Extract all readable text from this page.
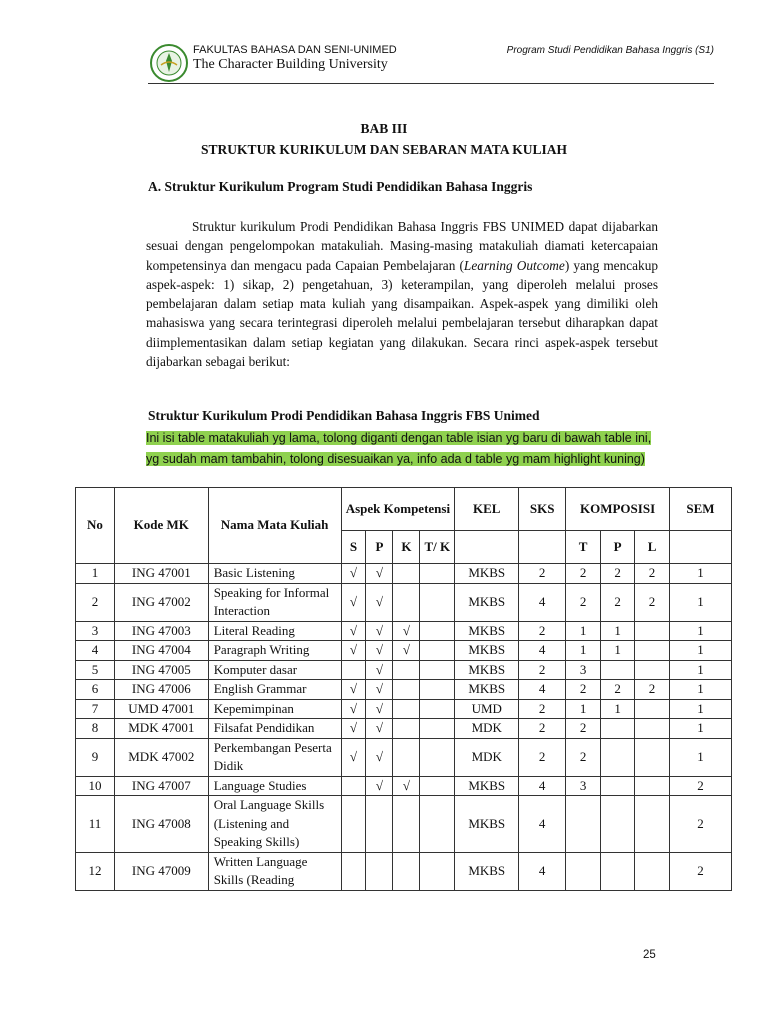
FAKULTAS BAHASA DAN SENI-UNIMED
The Character Building University
Program Studi Pendidikan Bahasa Inggris (S1)
BAB III
STRUKTUR KURIKULUM DAN SEBARAN MATA KULIAH
A. Struktur Kurikulum Program Studi Pendidikan Bahasa Inggris
Struktur kurikulum Prodi Pendidikan Bahasa Inggris FBS UNIMED dapat dijabarkan sesuai dengan pengelompokan matakuliah. Masing-masing matakuliah diamati ketercapaian kompetensinya dan mengacu pada Capaian Pembelajaran (Learning Outcome) yang mencakup aspek-aspek: 1) sikap, 2) pengetahuan, 3) keterampilan, yang diperoleh melalui proses pembelajaran dalam setiap mata kuliah yang disampaikan. Aspek-aspek yang dimiliki oleh mahasiswa yang secara terintegrasi diperoleh melalui pembelajaran tersebut diharapkan dapat diimplementasikan dalam setiap kegiatan yang dilakukan. Secara rinci aspek-aspek tersebut dijabarkan sebagai berikut:
Struktur Kurikulum Prodi Pendidikan Bahasa Inggris FBS Unimed
Ini isi table matakuliah yg lama, tolong diganti dengan table isian yg baru di bawah table ini, yg sudah mam tambahin, tolong disesuaikan ya, info ada d table yg mam highlight kuning)
No	Kode MK	Nama Mata Kuliah	Aspek Kompetensi				KEL	SKS	KOMPOSISI			SEM
			S	P	K	T/ K			T	P	L	
1	ING 47001	Basic Listening	√	√			MKBS	2	2	2	2	1
2	ING 47002	Speaking for Informal Interaction	√	√			MKBS	4	2	2	2	1
3	ING 47003	Literal Reading	√	√	√		MKBS	2	1	1		1
4	ING 47004	Paragraph Writing	√	√	√		MKBS	4	1	1		1
5	ING 47005	Komputer dasar		√			MKBS	2	3			1
6	ING 47006	English Grammar	√	√			MKBS	4	2	2	2	1
7	UMD 47001	Kepemimpinan	√	√			UMD	2	1	1		1
8	MDK 47001	Filsafat Pendidikan	√	√			MDK	2	2			1
9	MDK 47002	Perkembangan Peserta Didik	√	√			MDK	2	2			1
10	ING 47007	Language Studies		√	√		MKBS	4	3			2
11	ING 47008	Oral Language Skills (Listening and Speaking Skills)					MKBS	4				2
12	ING 47009	Written Language Skills (Reading					MKBS	4				2
25
